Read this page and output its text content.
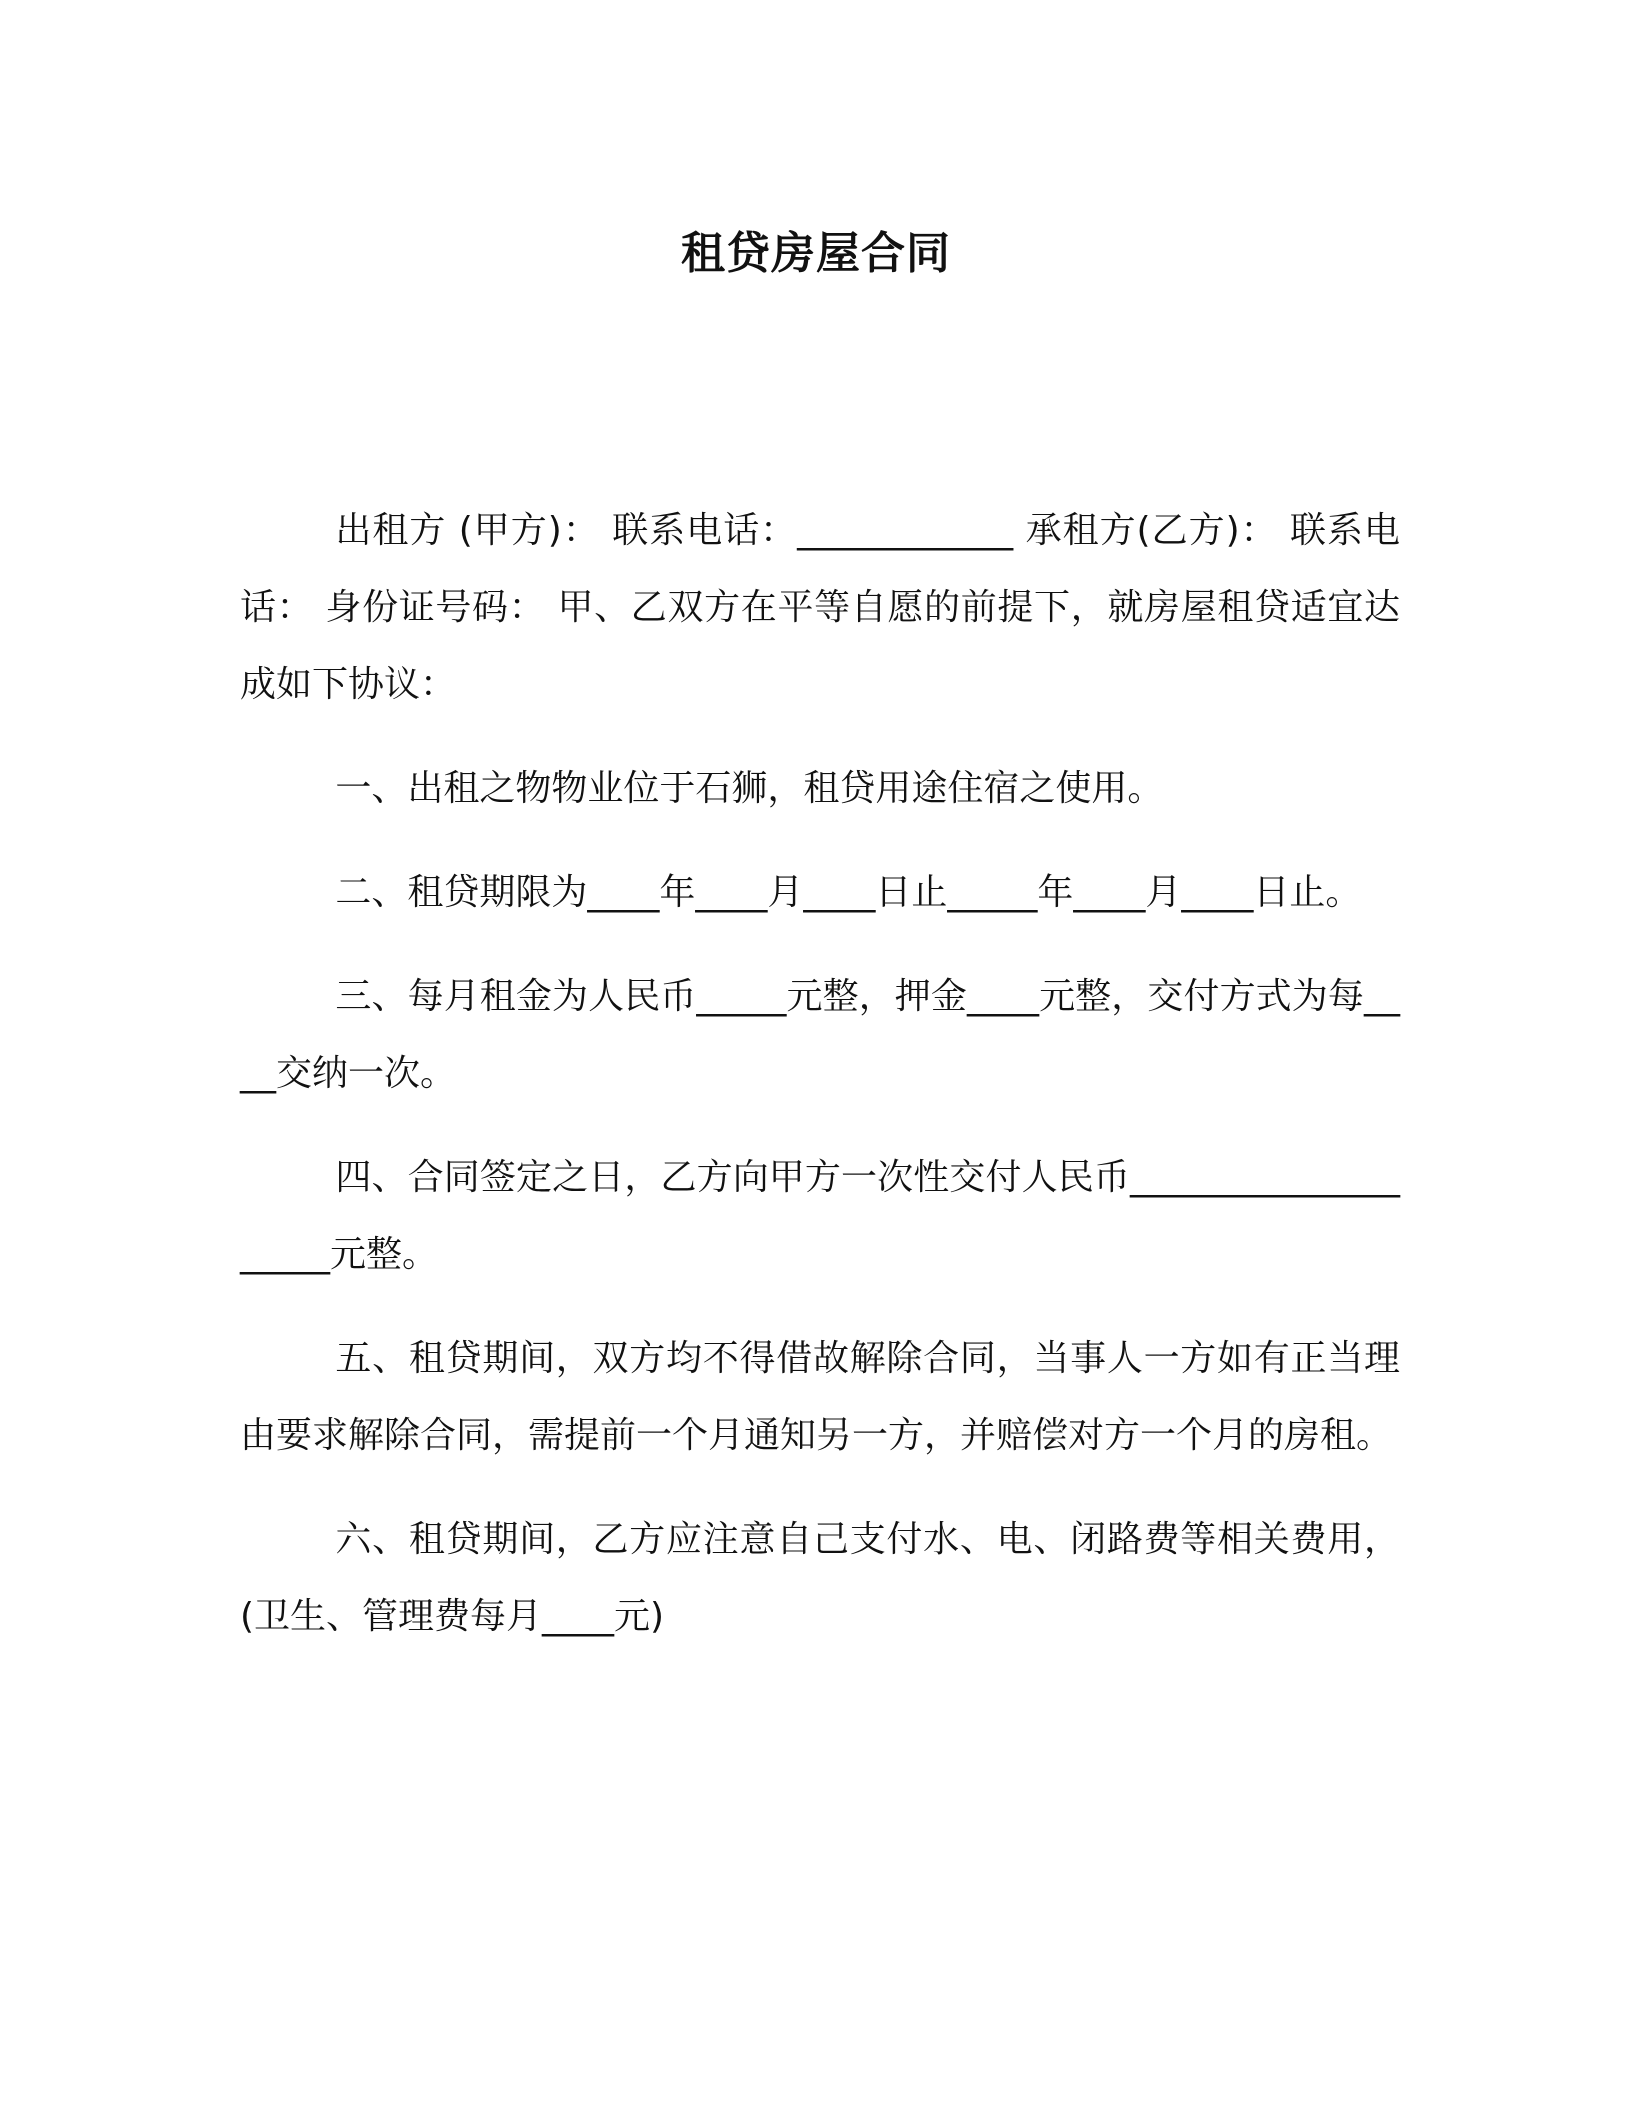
租贷房屋合同

出租方 (甲方)： 联系电话：____________ 承租方(乙方)： 联系电话： 身份证号码： 甲、乙双方在平等自愿的前提下，就房屋租贷适宜达成如下协议：

一、出租之物物业位于石狮，租贷用途住宿之使用。

二、租贷期限为____年____月____日止_____年____月____日止。

三、每月租金为人民币_____元整，押金____元整，交付方式为每____交纳一次。

四、合同签定之日，乙方向甲方一次性交付人民币____________________元整。

五、租贷期间，双方均不得借故解除合同，当事人一方如有正当理由要求解除合同，需提前一个月通知另一方，并赔偿对方一个月的房租。

六、租贷期间，乙方应注意自己支付水、电、闭路费等相关费用，(卫生、管理费每月____元)
